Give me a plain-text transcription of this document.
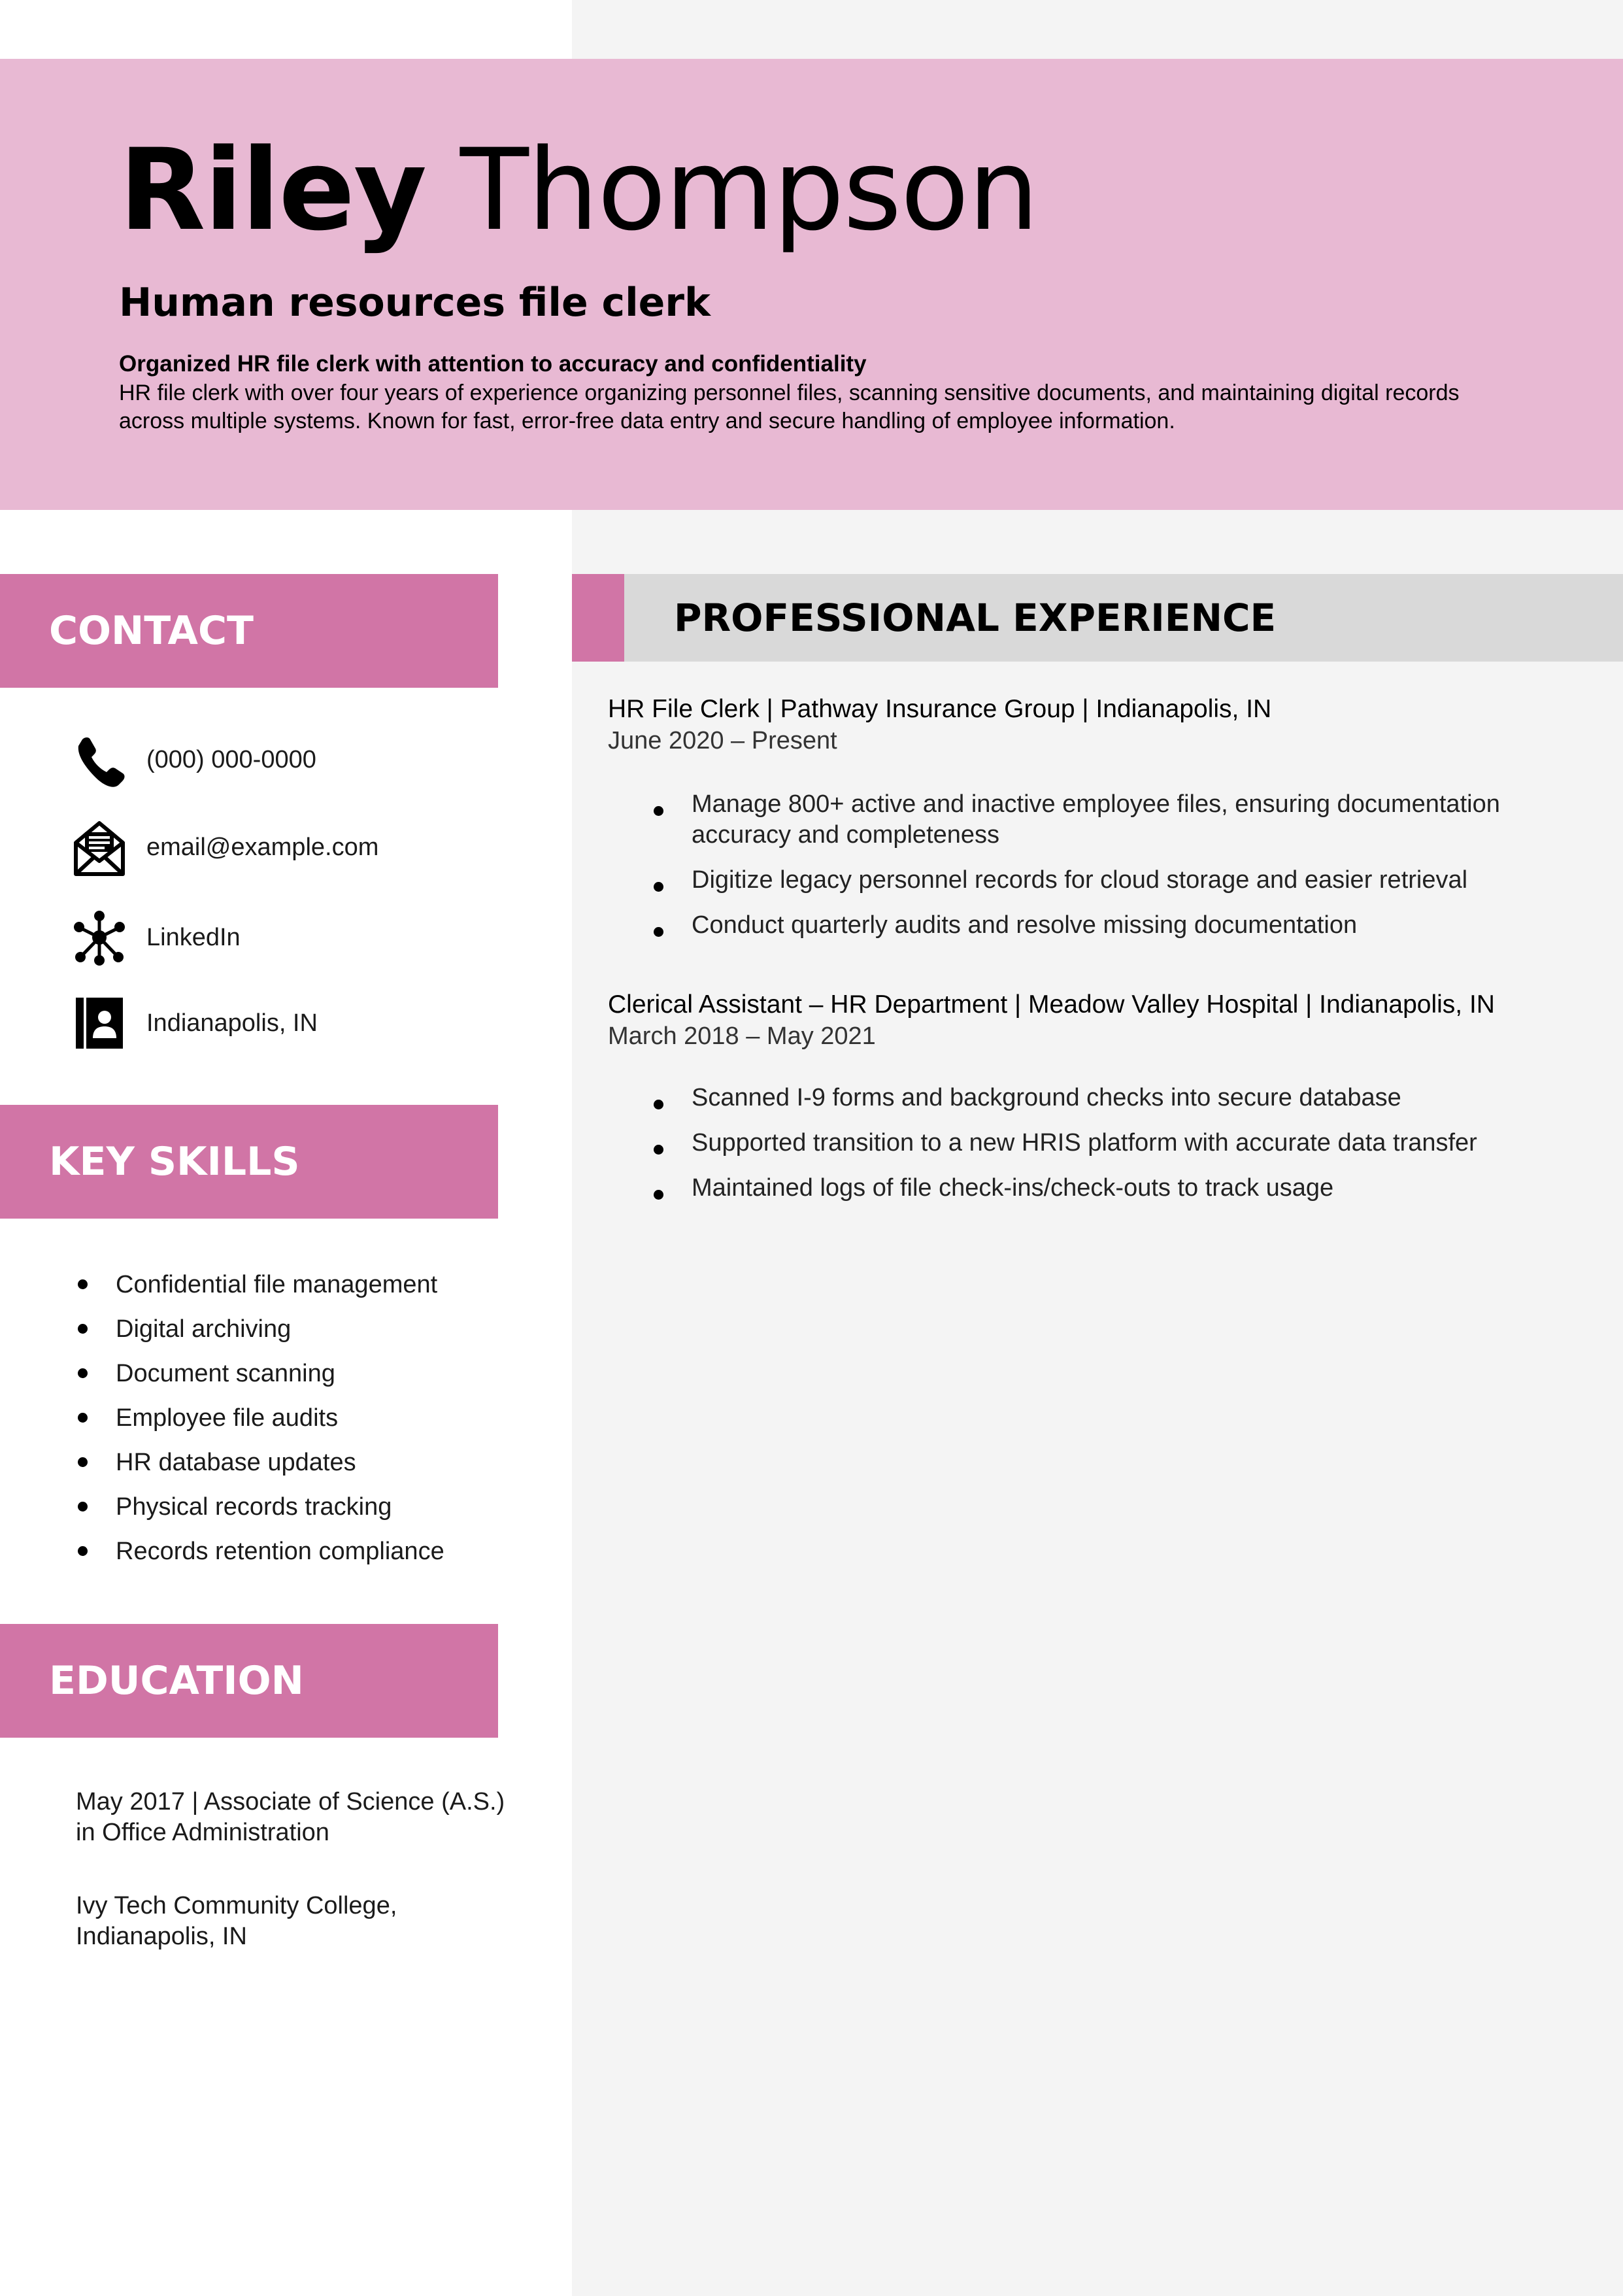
Riley Thompson
Human resources file clerk
Organized HR file clerk with attention to accuracy and confidentiality
HR file clerk with over four years of experience organizing personnel files, scanning sensitive documents, and maintaining digital records across multiple systems. Known for fast, error-free data entry and secure handling of employee information.
CONTACT
(000) 000-0000
email@example.com
LinkedIn
Indianapolis, IN
KEY SKILLS
Confidential file management
Digital archiving
Document scanning
Employee file audits
HR database updates
Physical records tracking
Records retention compliance
EDUCATION
May 2017 | Associate of Science (A.S.) in Office Administration
Ivy Tech Community College, Indianapolis, IN
PROFESSIONAL EXPERIENCE
HR File Clerk | Pathway Insurance Group | Indianapolis, IN
June 2020 – Present
Manage 800+ active and inactive employee files, ensuring documentation accuracy and completeness
Digitize legacy personnel records for cloud storage and easier retrieval
Conduct quarterly audits and resolve missing documentation
Clerical Assistant – HR Department | Meadow Valley Hospital | Indianapolis, IN
March 2018 – May 2021
Scanned I-9 forms and background checks into secure database
Supported transition to a new HRIS platform with accurate data transfer
Maintained logs of file check-ins/check-outs to track usage
